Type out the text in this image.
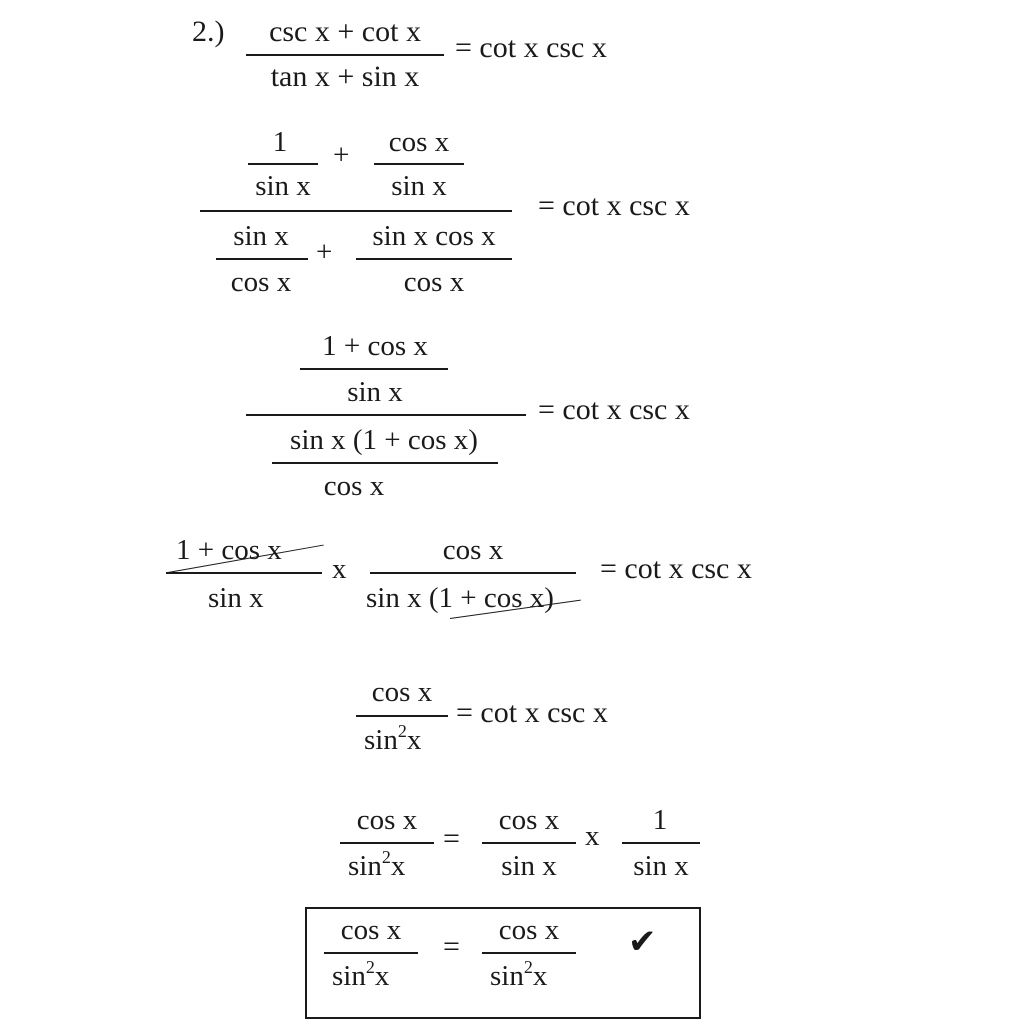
2.)	csc x + cot x
tan x + sin x
= cot x csc x
1
sin x
+	cos x
sin x
sin x
cos x
+	sin x cos x
cos x
= cot x csc x
1 + cos x
sin x
sin x (1 + cos x)
cos x
= cot x csc x
1 + cos x
sin x
x
cos x
sin x (1 + cos x)
= cot x csc x
cos x
$\sin^2x$
= cot x csc x
cos x
$\sin^2x$
=
cos x
sin x
x	1
sin x
cos x
$\sin^2x$
=	cos x
$\sin^2x$
✔
